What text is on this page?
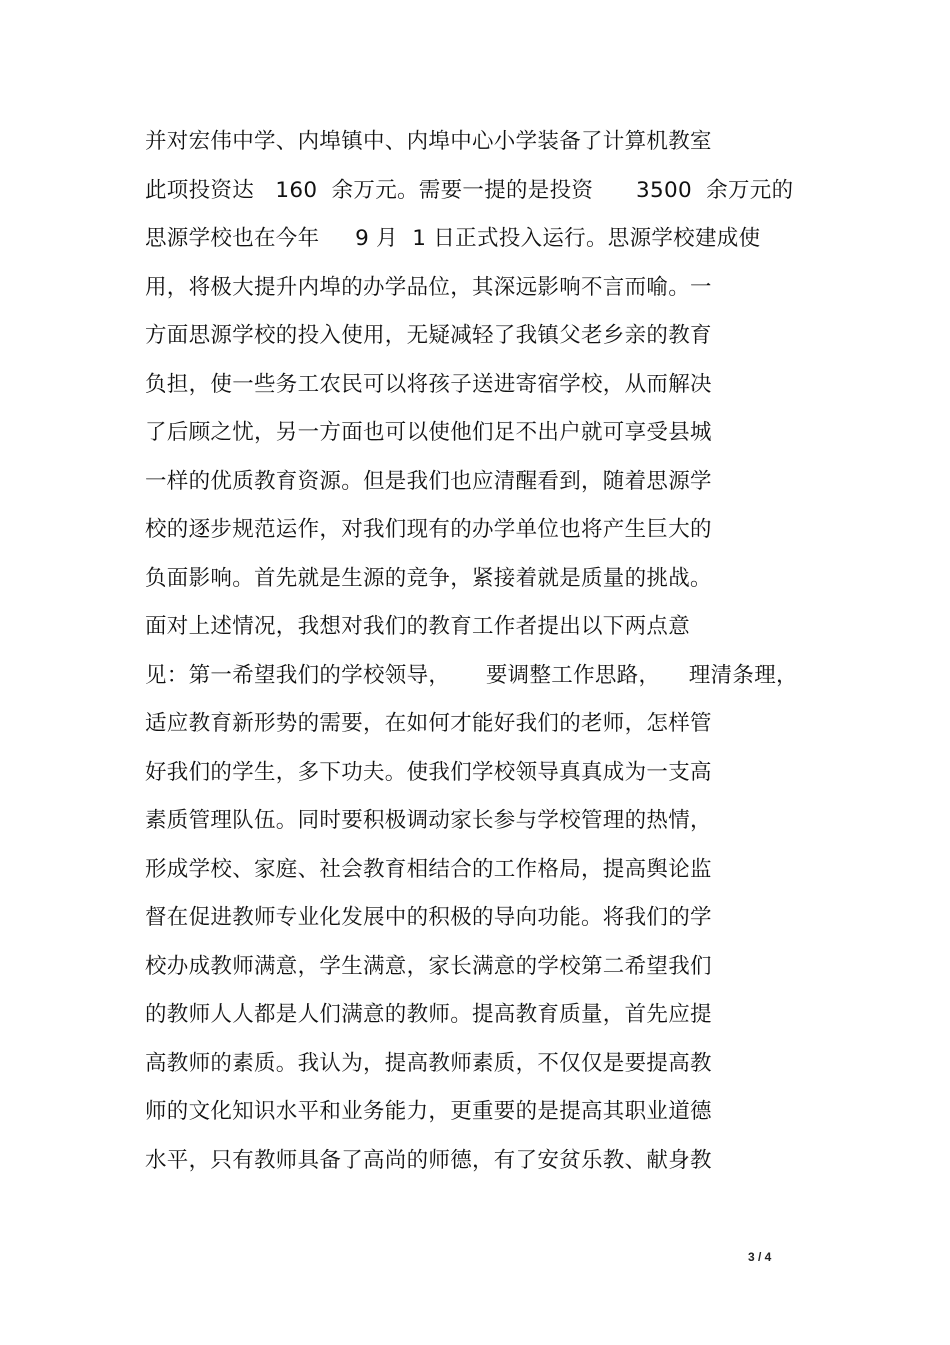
并对宏伟中学、内埠镇中、内埠中心小学装备了计算机教室
此项投资达   160  余万元。需要一提的是投资      3500  余万元的
思源学校也在今年     9 月  1 日正式投入运行。思源学校建成使
用，将极大提升内埠的办学品位，其深远影响不言而喻。一
方面思源学校的投入使用，无疑减轻了我镇父老乡亲的教育
负担，使一些务工农民可以将孩子送进寄宿学校，从而解决
了后顾之忧，另一方面也可以使他们足不出户就可享受县城
一样的优质教育资源。但是我们也应清醒看到，随着思源学
校的逐步规范运作，对我们现有的办学单位也将产生巨大的
负面影响。首先就是生源的竞争，紧接着就是质量的挑战。
面对上述情况，我想对我们的教育工作者提出以下两点意
见：第一希望我们的学校领导，     要调整工作思路，    理清条理，
适应教育新形势的需要，在如何才能好我们的老师，怎样管
好我们的学生，多下功夫。使我们学校领导真真成为一支高
素质管理队伍。同时要积极调动家长参与学校管理的热情，
形成学校、家庭、社会教育相结合的工作格局，提高舆论监
督在促进教师专业化发展中的积极的导向功能。将我们的学
校办成教师满意，学生满意，家长满意的学校第二希望我们
的教师人人都是人们满意的教师。提高教育质量，首先应提
高教师的素质。我认为，提高教师素质，不仅仅是要提高教
师的文化知识水平和业务能力，更重要的是提高其职业道德
水平，只有教师具备了高尚的师德，有了安贫乐教、献身教
3 / 4
